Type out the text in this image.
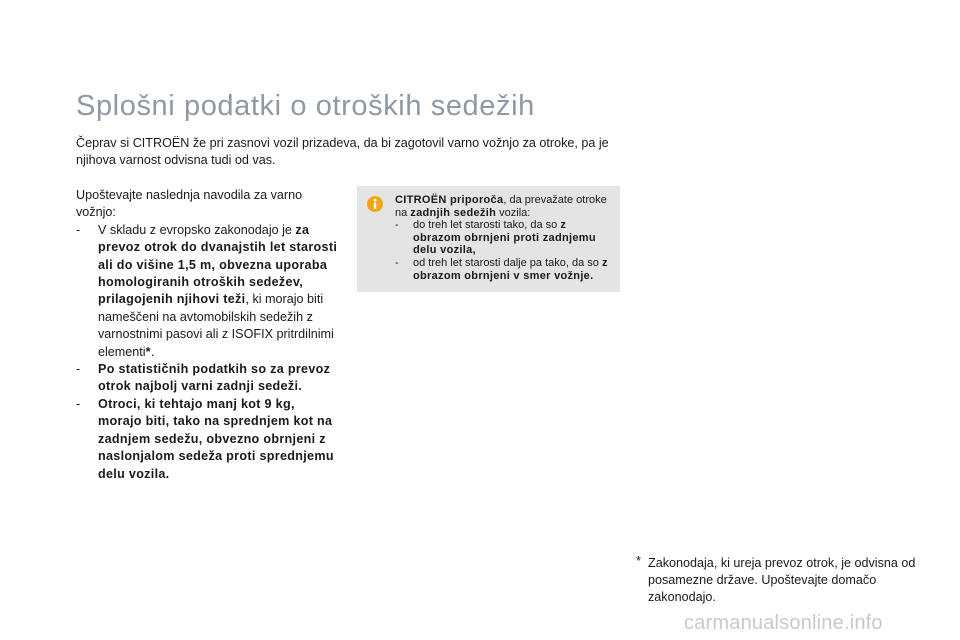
Splošni podatki o otroških sedežih

Čeprav si CITROËN že pri zasnovi vozil prizadeva, da bi zagotovil varno vožnjo za otroke, pa je njihova varnost odvisna tudi od vas.

Upoštevajte naslednja navodila za varno vožnjo:

- V skladu z evropsko zakonodajo je za prevoz otrok do dvanajstih let starosti ali do višine 1,5 m, obvezna uporaba homologiranih otroških sedežev, prilagojenih njihovi teži, ki morajo biti nameščeni na avtomobilskih sedežih z varnostnimi pasovi ali z ISOFIX pritrdilnimi elementi*.

- Po statističnih podatkih so za prevoz otrok najbolj varni zadnji sedeži.

- Otroci, ki tehtajo manj kot 9 kg, morajo biti, tako na sprednjem kot na zadnjem sedežu, obvezno obrnjeni z naslonjalom sedeža proti sprednjemu delu vozila.

CITROËN priporoča, da prevažate otroke na zadnjih sedežih vozila:

- do treh let starosti tako, da so z obrazom obrnjeni proti zadnjemu delu vozila,

- od treh let starosti dalje pa tako, da so z obrazom obrnjeni v smer vožnje.

* Zakonodaja, ki ureja prevoz otrok, je odvisna od posamezne države. Upoštevajte domačo zakonodajo.
carmanualsonline.info
